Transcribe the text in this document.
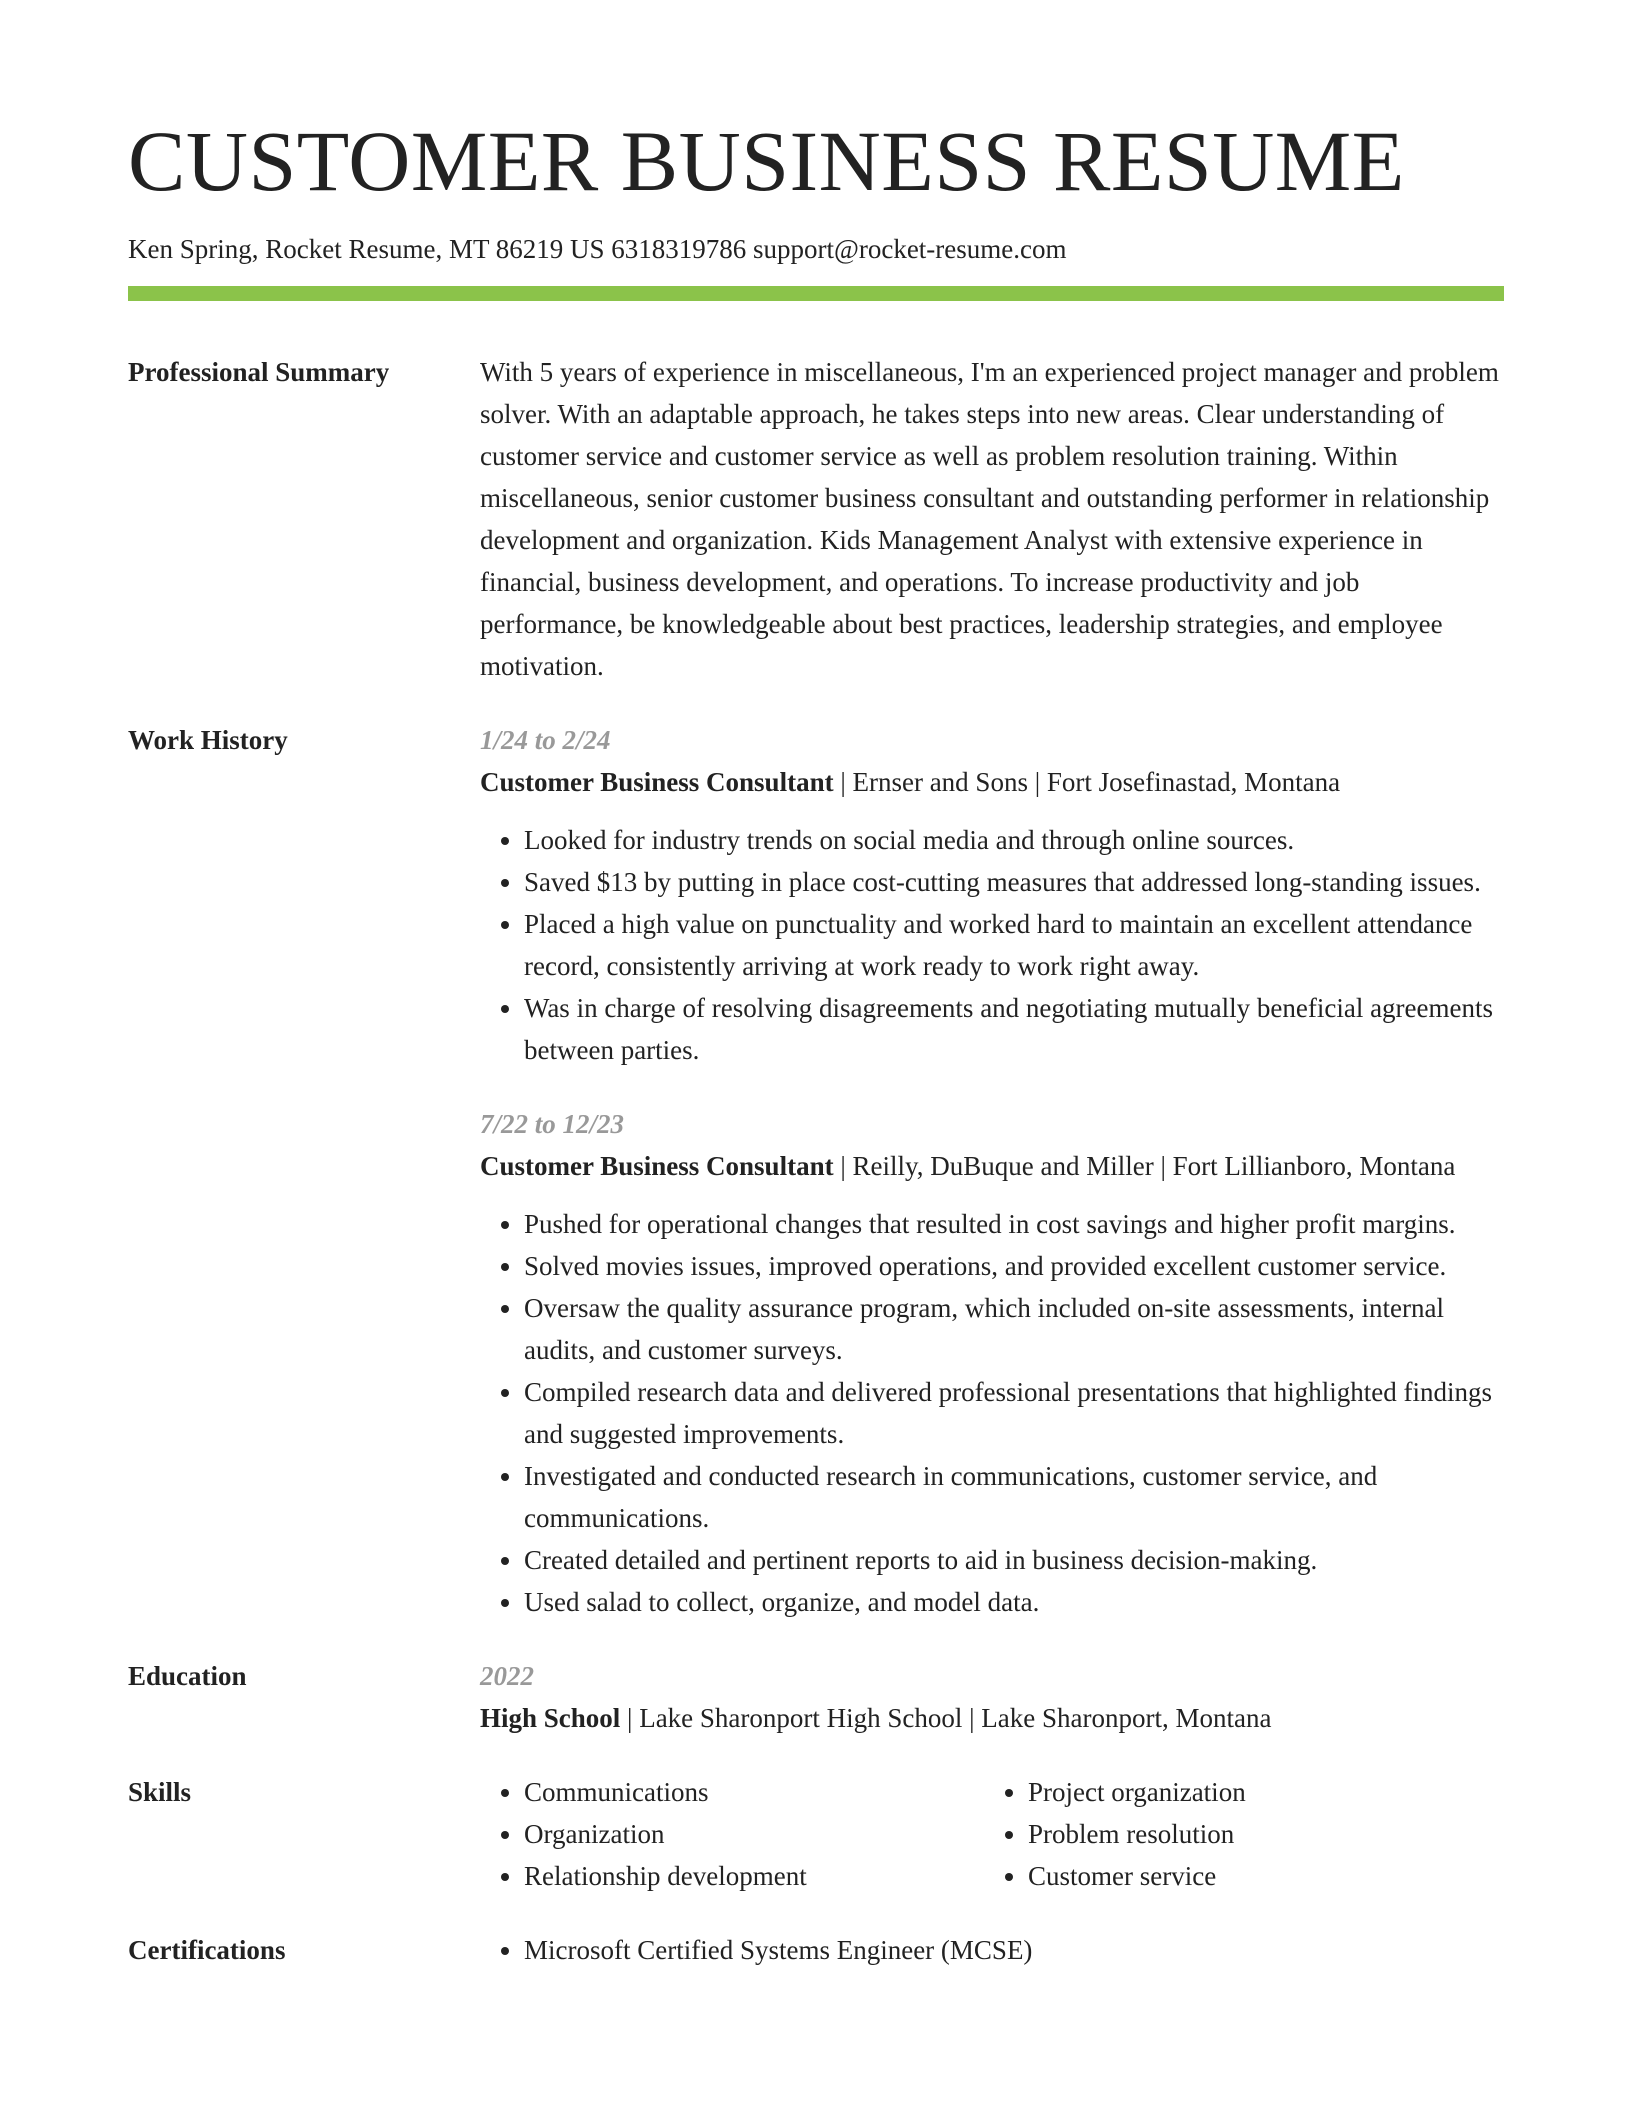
CUSTOMER BUSINESS RESUME
Ken Spring, Rocket Resume, MT 86219 US 6318319786 support@rocket-resume.com
Professional Summary	With 5 years of experience in miscellaneous, I'm an experienced project manager and problem solver. With an adaptable approach, he takes steps into new areas. Clear understanding of customer service and customer service as well as problem resolution training. Within miscellaneous, senior customer business consultant and outstanding performer in relationship development and organization. Kids Management Analyst with extensive experience in financial, business development, and operations. To increase productivity and job performance, be knowledgeable about best practices, leadership strategies, and employee motivation.

Work History	1/24 to 2/24
Customer Business Consultant | Ernser and Sons | Fort Josefinastad, Montana
• Looked for industry trends on social media and through online sources.
• Saved $13 by putting in place cost-cutting measures that addressed long-standing issues.
• Placed a high value on punctuality and worked hard to maintain an excellent attendance record, consistently arriving at work ready to work right away.
• Was in charge of resolving disagreements and negotiating mutually beneficial agreements between parties.
7/22 to 12/23
Customer Business Consultant | Reilly, DuBuque and Miller | Fort Lillianboro, Montana
• Pushed for operational changes that resulted in cost savings and higher profit margins.
• Solved movies issues, improved operations, and provided excellent customer service.
• Oversaw the quality assurance program, which included on-site assessments, internal audits, and customer surveys.
• Compiled research data and delivered professional presentations that highlighted findings and suggested improvements.
• Investigated and conducted research in communications, customer service, and communications.
• Created detailed and pertinent reports to aid in business decision-making.
• Used salad to collect, organize, and model data.
Education	2022
High School | Lake Sharonport High School | Lake Sharonport, Montana
Skills	• Communications
• Organization
• Relationship development
• Project organization
• Problem resolution
• Customer service
Certifications	• Microsoft Certified Systems Engineer (MCSE)
